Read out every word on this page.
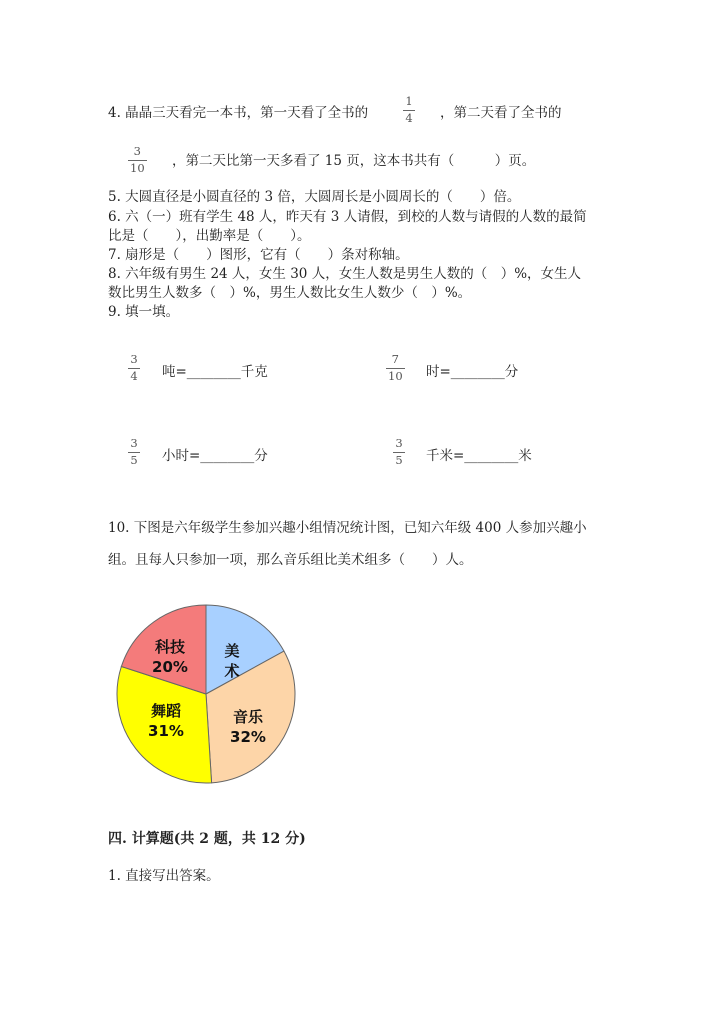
4. 晶晶三天看完一本书，第一天看了全书的
1
4 ，第二天看了全书的
3
10 ，第二天比第一天多看了 15 页，这本书共有（　　　）页。
5. 大圆直径是小圆直径的 3 倍，大圆周长是小圆周长的（　　）倍。
6. 六（一）班有学生 48 人，昨天有 3 人请假，到校的人数与请假的人数的最简
比是（　　），出勤率是（　　）。
7. 扇形是（　　）图形，它有（　　）条对称轴。
8. 六年级有男生 24 人，女生 30 人，女生人数是男生人数的（　）%，女生人
数比男生人数多（　）%，男生人数比女生人数少（　）%。
9. 填一填。
3
4 吨=________千克
7
10 时=________分
3
5 小时=________分
3
5 千米=________米
10. 下图是六年级学生参加兴趣小组情况统计图，已知六年级 400 人参加兴趣小
组。且每人只参加一项，那么音乐组比美术组多（　　）人。
美
术
音乐
32%
舞蹈
31%
科技
20%
四. 计算题(共 2 题，共 12 分)
1. 直接写出答案。
